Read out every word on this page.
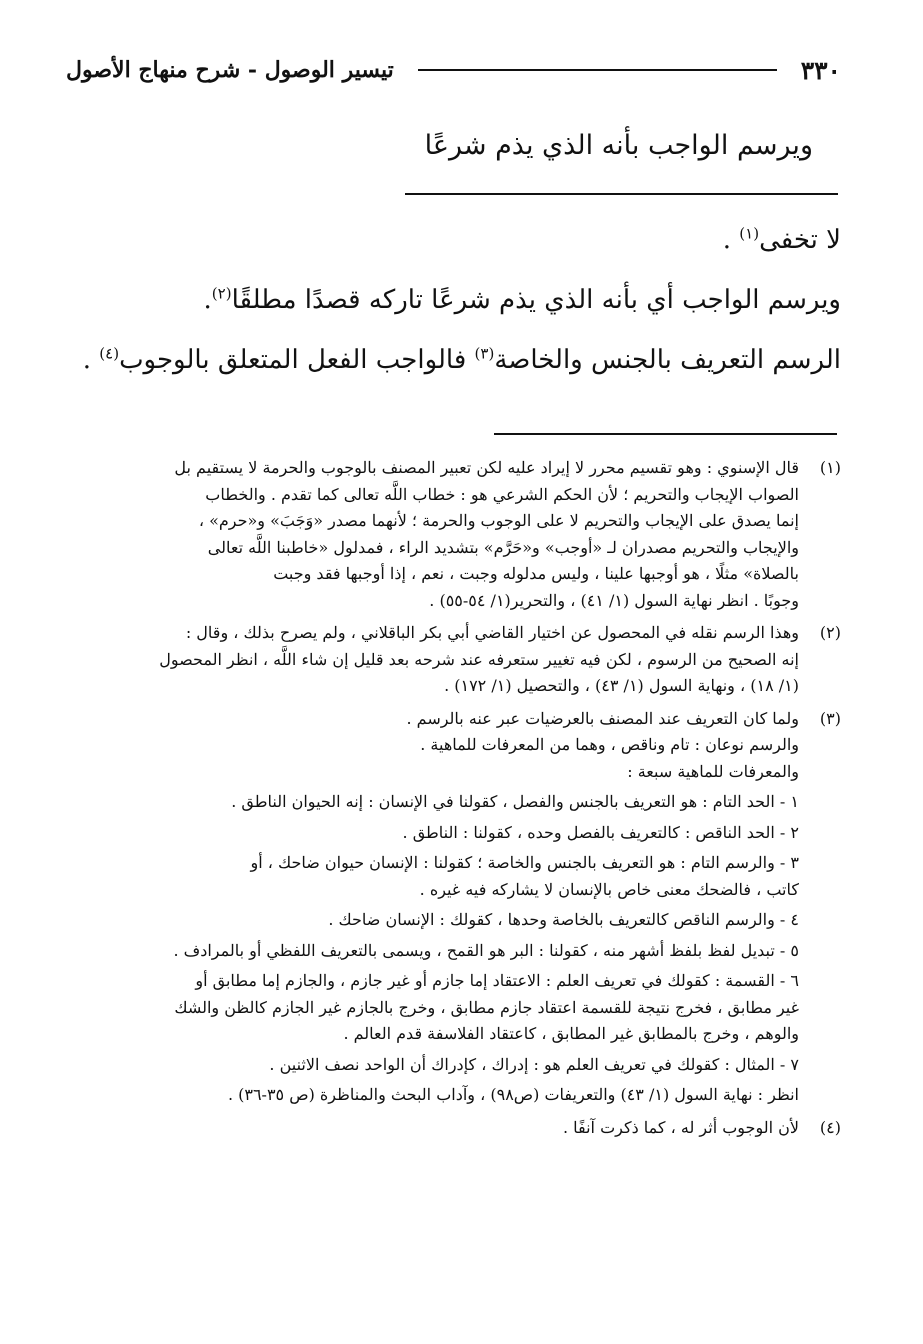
٣٣٠
تيسير الوصول - شرح منهاج الأصول
ويرسم الواجب بأنه الذي يذم شرعًا

لا تخفى$^{(١)}$ .

ويرسم الواجب أي بأنه الذي يذم شرعًا تاركه قصدًا مطلقًا$^{(٢)}$.

الرسم التعريف بالجنس والخاصة$^{(٣)}$ فالواجب الفعل المتعلق بالوجوب$^{(٤)}$ .

(١)
قال الإسنوي : وهو تقسيم محرر لا إيراد عليه لكن تعبير المصنف بالوجوب والحرمة لا يستقيم بل
الصواب الإيجاب والتحريم ؛ لأن الحكم الشرعي هو : خطاب اللَّه تعالى كما تقدم . والخطاب
إنما يصدق على الإيجاب والتحريم لا على الوجوب والحرمة ؛ لأنهما مصدر «وَجَبَ» و«حرم» ،
والإيجاب والتحريم مصدران لـ «أوجب» و«حَرَّم» بتشديد الراء ، فمدلول «خاطبنا اللَّه تعالى
بالصلاة» مثلًا ، هو أوجبها علينا ، وليس مدلوله وجبت ، نعم ، إذا أوجبها فقد وجبت
وجوبًا . انظر نهاية السول (١/ ٤١) ، والتحرير(١/ ٥٤-٥٥) .
(٢)
وهذا الرسم نقله في المحصول عن اختيار القاضي أبي بكر الباقلاني ، ولم يصرح بذلك ، وقال :
إنه الصحيح من الرسوم ، لكن فيه تغيير ستعرفه عند شرحه بعد قليل إن شاء اللَّه ، انظر المحصول
(١/ ١٨) ، ونهاية السول (١/ ٤٣) ، والتحصيل (١/ ١٧٢) .
(٣)
ولما كان التعريف عند المصنف بالعرضيات عبر عنه بالرسم .
والرسم نوعان : تام وناقص ، وهما من المعرفات للماهية .
والمعرفات للماهية سبعة :
١ - الحد التام : هو التعريف بالجنس والفصل ، كقولنا في الإنسان : إنه الحيوان الناطق .
٢ - الحد الناقص : كالتعريف بالفصل وحده ، كقولنا : الناطق .
٣ - والرسم التام : هو التعريف بالجنس والخاصة ؛ كقولنا : الإنسان حيوان ضاحك ، أو
كاتب ، فالضحك معنى خاص بالإنسان لا يشاركه فيه غيره .
٤ - والرسم الناقص كالتعريف بالخاصة وحدها ، كقولك : الإنسان ضاحك .
٥ - تبديل لفظ بلفظ أشهر منه ، كقولنا : البر هو القمح ، ويسمى بالتعريف اللفظي أو بالمرادف .
٦ - القسمة : كقولك في تعريف العلم : الاعتقاد إما جازم أو غير جازم ، والجازم إما مطابق أو
غير مطابق ، فخرج نتيجة للقسمة اعتقاد جازم مطابق ، وخرج بالجازم غير الجازم كالظن والشك
والوهم ، وخرج بالمطابق غير المطابق ، كاعتقاد الفلاسفة قدم العالم .
٧ - المثال : كقولك في تعريف العلم هو : إدراك ، كإدراك أن الواحد نصف الاثنين .
انظر : نهاية السول (١/ ٤٣) والتعريفات (ص٩٨) ، وآداب البحث والمناظرة (ص ٣٥-٣٦) .
(٤)
لأن الوجوب أثر له ، كما ذكرت آنفًا .
